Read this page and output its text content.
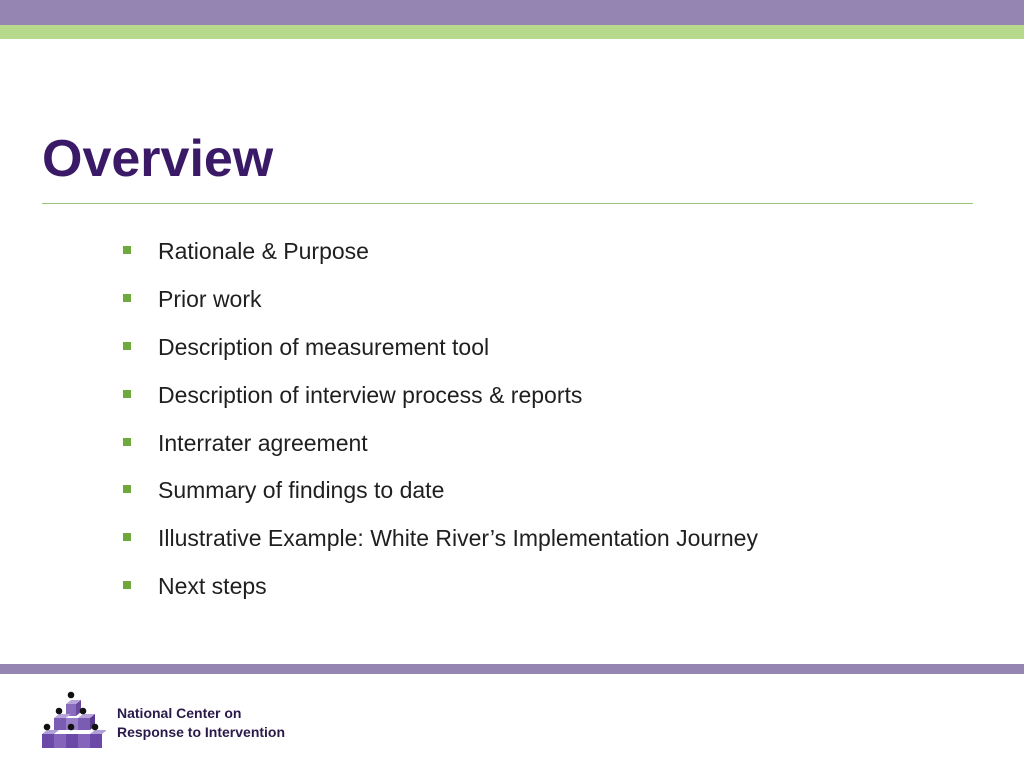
Overview
Rationale & Purpose
Prior work
Description of measurement tool
Description of interview process & reports
Interrater agreement
Summary of findings to date
Illustrative Example: White River’s Implementation Journey
Next steps
National Center on
Response to Intervention
